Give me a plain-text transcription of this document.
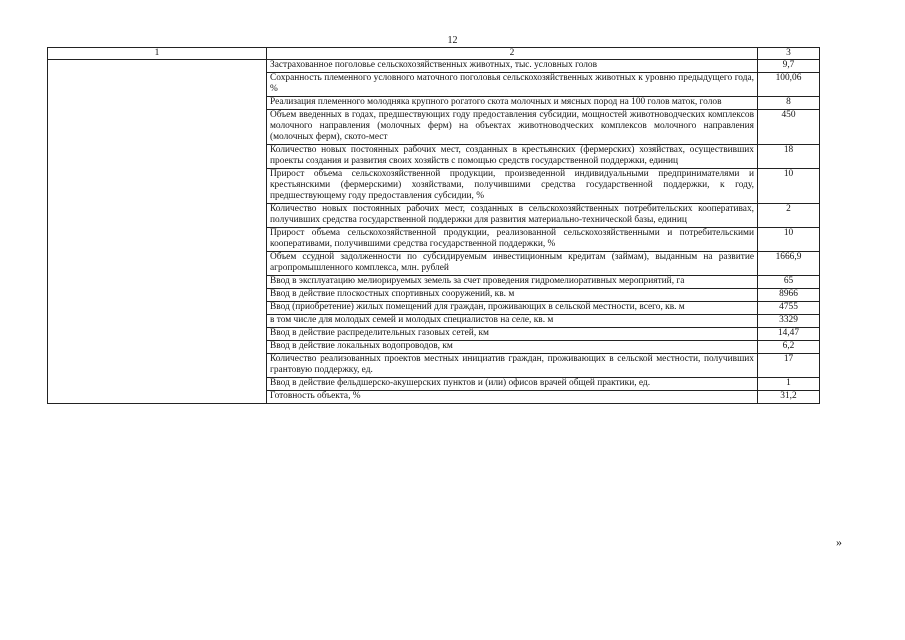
12
1	2	3
	Застрахованное поголовье сельскохозяйственных животных, тыс. условных голов	9,7
	Сохранность племенного условного маточного поголовья сельскохозяйственных животных к уровню предыдущего года, %	100,06
	Реализация племенного молодняка крупного рогатого скота молочных и мясных пород на 100 голов маток, голов	8
	Объем введенных в годах, предшествующих году предоставления субсидии, мощностей животноводческих комплексов молочного направления (молочных ферм) на объектах животноводческих комплексов молочного направления (молочных ферм), ското-мест	450
	Количество новых постоянных рабочих мест, созданных в крестьянских (фермерских) хозяйствах, осуществивших проекты создания и развития своих хозяйств с помощью средств государственной поддержки, единиц	18
	Прирост объема сельскохозяйственной продукции, произведенной индивидуальными предпринимателями и крестьянскими (фермерскими) хозяйствами, получившими средства государственной поддержки, к году, предшествующему году предоставления субсидии, %	10
	Количество новых постоянных рабочих мест, созданных в сельскохозяйственных потребительских кооперативах, получивших средства государственной поддержки для развития материально-технической базы, единиц	2
	Прирост объема сельскохозяйственной продукции, реализованной сельскохозяйственными и потребительскими кооперативами, получившими средства государственной поддержки, %	10
	Объем ссудной задолженности по субсидируемым инвестиционным кредитам (займам), выданным на развитие агропромышленного комплекса, млн. рублей	1666,9
	Ввод в эксплуатацию мелиорируемых земель за счет проведения гидромелиоративных мероприятий, га	65
	Ввод в действие плоскостных спортивных сооружений, кв. м	8966
	Ввод (приобретение) жилых помещений для граждан, проживающих в сельской местности, всего, кв. м	4755
	в том числе для молодых семей и молодых специалистов на селе, кв. м	3329
	Ввод в действие распределительных газовых сетей, км	14,47
	Ввод в действие локальных водопроводов, км	6,2
	Количество реализованных проектов местных инициатив граждан, проживающих в сельской местности, получивших грантовую поддержку, ед.	17
	Ввод в действие фельдшерско-акушерских пунктов и (или) офисов врачей общей практики, ед.	1
	Готовность объекта, %	31,2
»
